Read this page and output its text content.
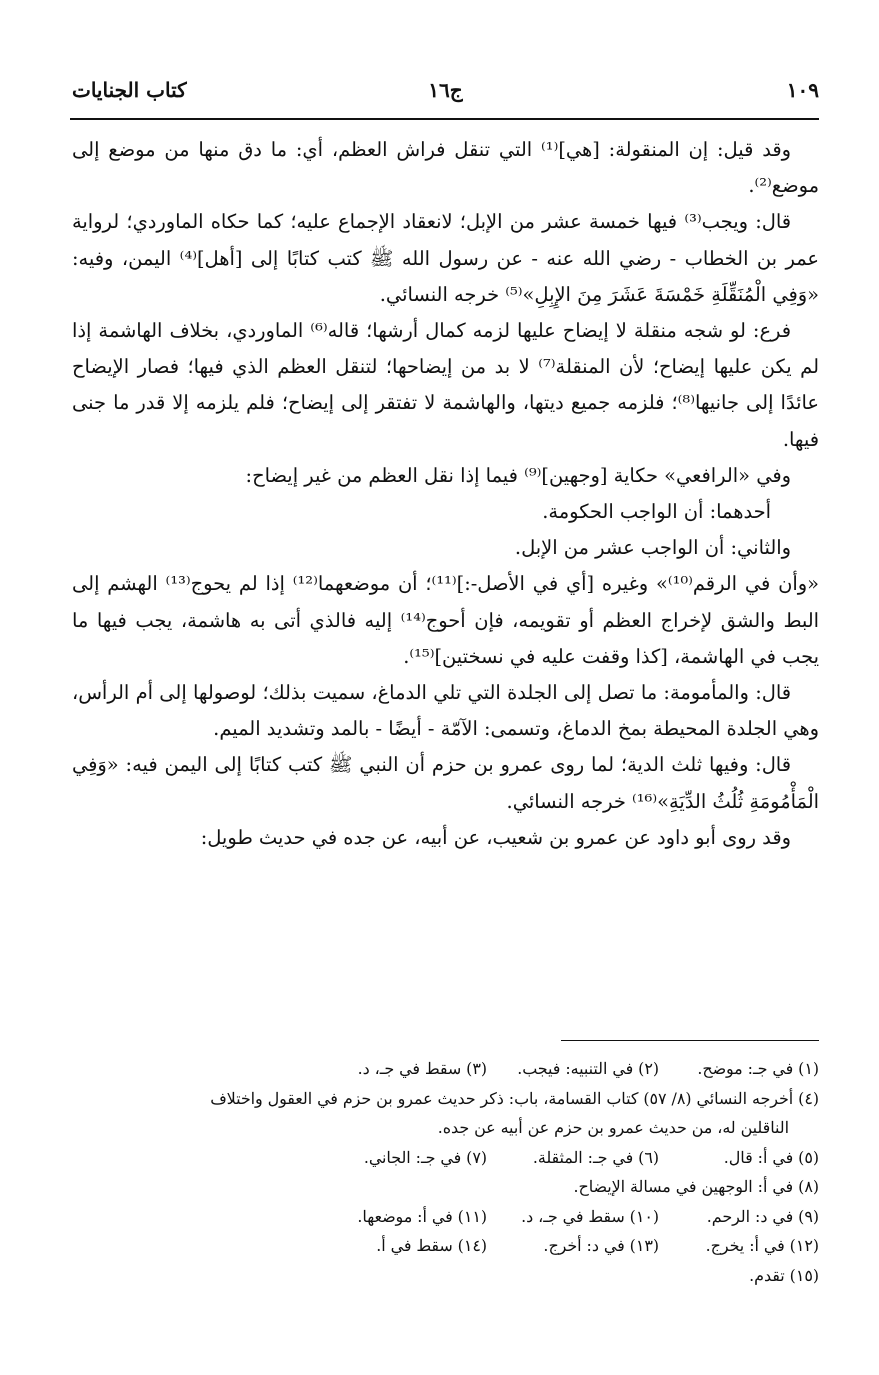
كتاب الجنايات	ج١٦	١٠٩

وقد قيل: إن المنقولة: [هي]⁽¹⁾ التي تنقل فراش العظم، أي: ما دق منها من موضع إلى موضع⁽²⁾.

قال: ويجب⁽³⁾ فيها خمسة عشر من الإبل؛ لانعقاد الإجماع عليه؛ كما حكاه الماوردي؛ لرواية عمر بن الخطاب - رضي الله عنه - عن رسول الله ﷺ كتب كتابًا إلى [أهل]⁽⁴⁾ اليمن، وفيه: «وَفِي الْمُنَقِّلَةِ خَمْسَةَ عَشَرَ مِنَ الإِبِلِ»⁽⁵⁾ خرجه النسائي.

فرع: لو شجه منقلة لا إيضاح عليها لزمه كمال أرشها؛ قاله⁽⁶⁾ الماوردي، بخلاف الهاشمة إذا لم يكن عليها إيضاح؛ لأن المنقلة⁽⁷⁾ لا بد من إيضاحها؛ لتنقل العظم الذي فيها؛ فصار الإيضاح عائدًا إلى جانيها⁽⁸⁾؛ فلزمه جميع ديتها، والهاشمة لا تفتقر إلى إيضاح؛ فلم يلزمه إلا قدر ما جنى فيها.

وفي «الرافعي» حكاية [وجهين]⁽⁹⁾ فيما إذا نقل العظم من غير إيضاح:

أحدهما: أن الواجب الحكومة.

والثاني: أن الواجب عشر من الإبل.

«وأن في الرقم⁽¹⁰⁾» وغيره [أي في الأصل-:]⁽¹¹⁾؛ أن موضعهما⁽¹²⁾ إذا لم يحوج⁽¹³⁾ الهشم إلى البط والشق لإخراج العظم أو تقويمه، فإن أحوج⁽¹⁴⁾ إليه فالذي أتى به هاشمة، يجب فيها ما يجب في الهاشمة، [كذا وقفت عليه في نسختين]⁽¹⁵⁾.

قال: والمأمومة: ما تصل إلى الجلدة التي تلي الدماغ، سميت بذلك؛ لوصولها إلى أم الرأس، وهي الجلدة المحيطة بمخ الدماغ، وتسمى: الآمّة - أيضًا - بالمد وتشديد الميم.

قال: وفيها ثلث الدية؛ لما روى عمرو بن حزم أن النبي ﷺ كتب كتابًا إلى اليمن فيه: «وَفِي الْمَأْمُومَةِ ثُلُثُ الدِّيَةِ»⁽¹⁶⁾ خرجه النسائي.

وقد روى أبو داود عن عمرو بن شعيب، عن أبيه، عن جده في حديث طويل:

(١) في جـ: موضح.
(٢) في التنبيه: فيجب.
(٣) سقط في جـ، د.
(٤) أخرجه النسائي (٨/ ٥٧) كتاب القسامة، باب: ذكر حديث عمرو بن حزم في العقول واختلاف
الناقلين له، من حديث عمرو بن حزم عن أبيه عن جده.
(٥) في أ: قال.
(٦) في جـ: المثقلة.
(٧) في جـ: الجاني.
(٨) في أ: الوجهين في مسالة الإيضاح.
(٩) في د: الرحم.
(١٠) سقط في جـ، د.
(١١) في أ: موضعها.
(١٢) في أ: يخرج.
(١٣) في د: أخرج.
(١٤) سقط في أ.
(١٥) تقدم.
